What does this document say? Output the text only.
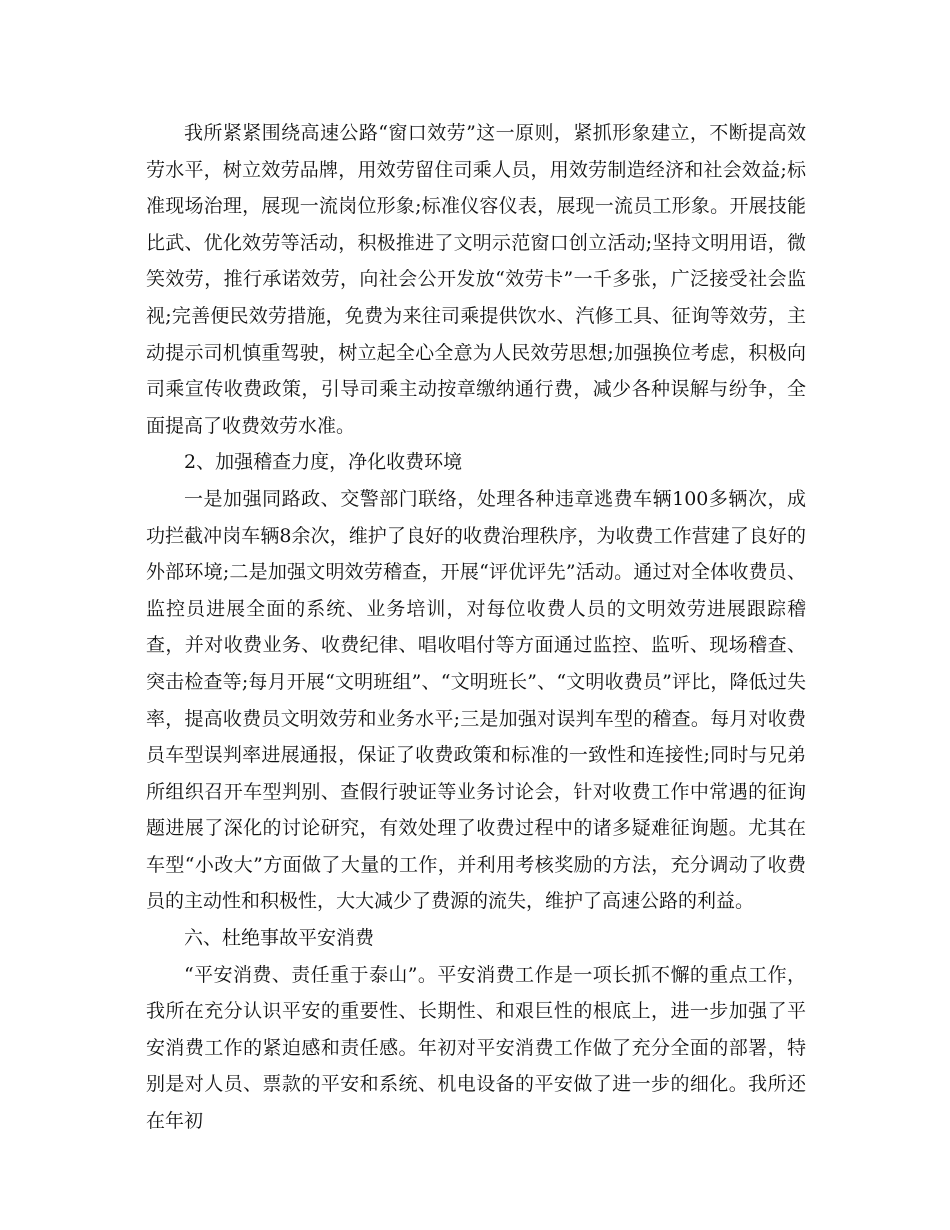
我所紧紧围绕高速公路“窗口效劳”这一原则，紧抓形象建立，不断提高效劳水平，树立效劳品牌，用效劳留住司乘人员，用效劳制造经济和社会效益;标准现场治理，展现一流岗位形象;标准仪容仪表，展现一流员工形象。开展技能比武、优化效劳等活动，积极推进了文明示范窗口创立活动;坚持文明用语，微笑效劳，推行承诺效劳，向社会公开发放“效劳卡”一千多张，广泛接受社会监视;完善便民效劳措施，免费为来往司乘提供饮水、汽修工具、征询等效劳，主动提示司机慎重驾驶，树立起全心全意为人民效劳思想;加强换位考虑，积极向司乘宣传收费政策，引导司乘主动按章缴纳通行费，减少各种误解与纷争，全面提高了收费效劳水准。

2、加强稽查力度，净化收费环境

一是加强同路政、交警部门联络，处理各种违章逃费车辆100多辆次，成功拦截冲岗车辆8余次，维护了良好的收费治理秩序，为收费工作营建了良好的外部环境;二是加强文明效劳稽查，开展“评优评先”活动。通过对全体收费员、监控员进展全面的系统、业务培训，对每位收费人员的文明效劳进展跟踪稽查，并对收费业务、收费纪律、唱收唱付等方面通过监控、监听、现场稽查、突击检查等;每月开展“文明班组”、“文明班长”、“文明收费员”评比，降低过失率，提高收费员文明效劳和业务水平;三是加强对误判车型的稽查。每月对收费员车型误判率进展通报，保证了收费政策和标准的一致性和连接性;同时与兄弟所组织召开车型判别、查假行驶证等业务讨论会，针对收费工作中常遇的征询题进展了深化的讨论研究，有效处理了收费过程中的诸多疑难征询题。尤其在车型“小改大”方面做了大量的工作，并利用考核奖励的方法，充分调动了收费员的主动性和积极性，大大减少了费源的流失，维护了高速公路的利益。

六、杜绝事故平安消费

“平安消费、责任重于泰山”。平安消费工作是一项长抓不懈的重点工作，我所在充分认识平安的重要性、长期性、和艰巨性的根底上，进一步加强了平安消费工作的紧迫感和责任感。年初对平安消费工作做了充分全面的部署，特别是对人员、票款的平安和系统、机电设备的平安做了进一步的细化。我所还在年初
